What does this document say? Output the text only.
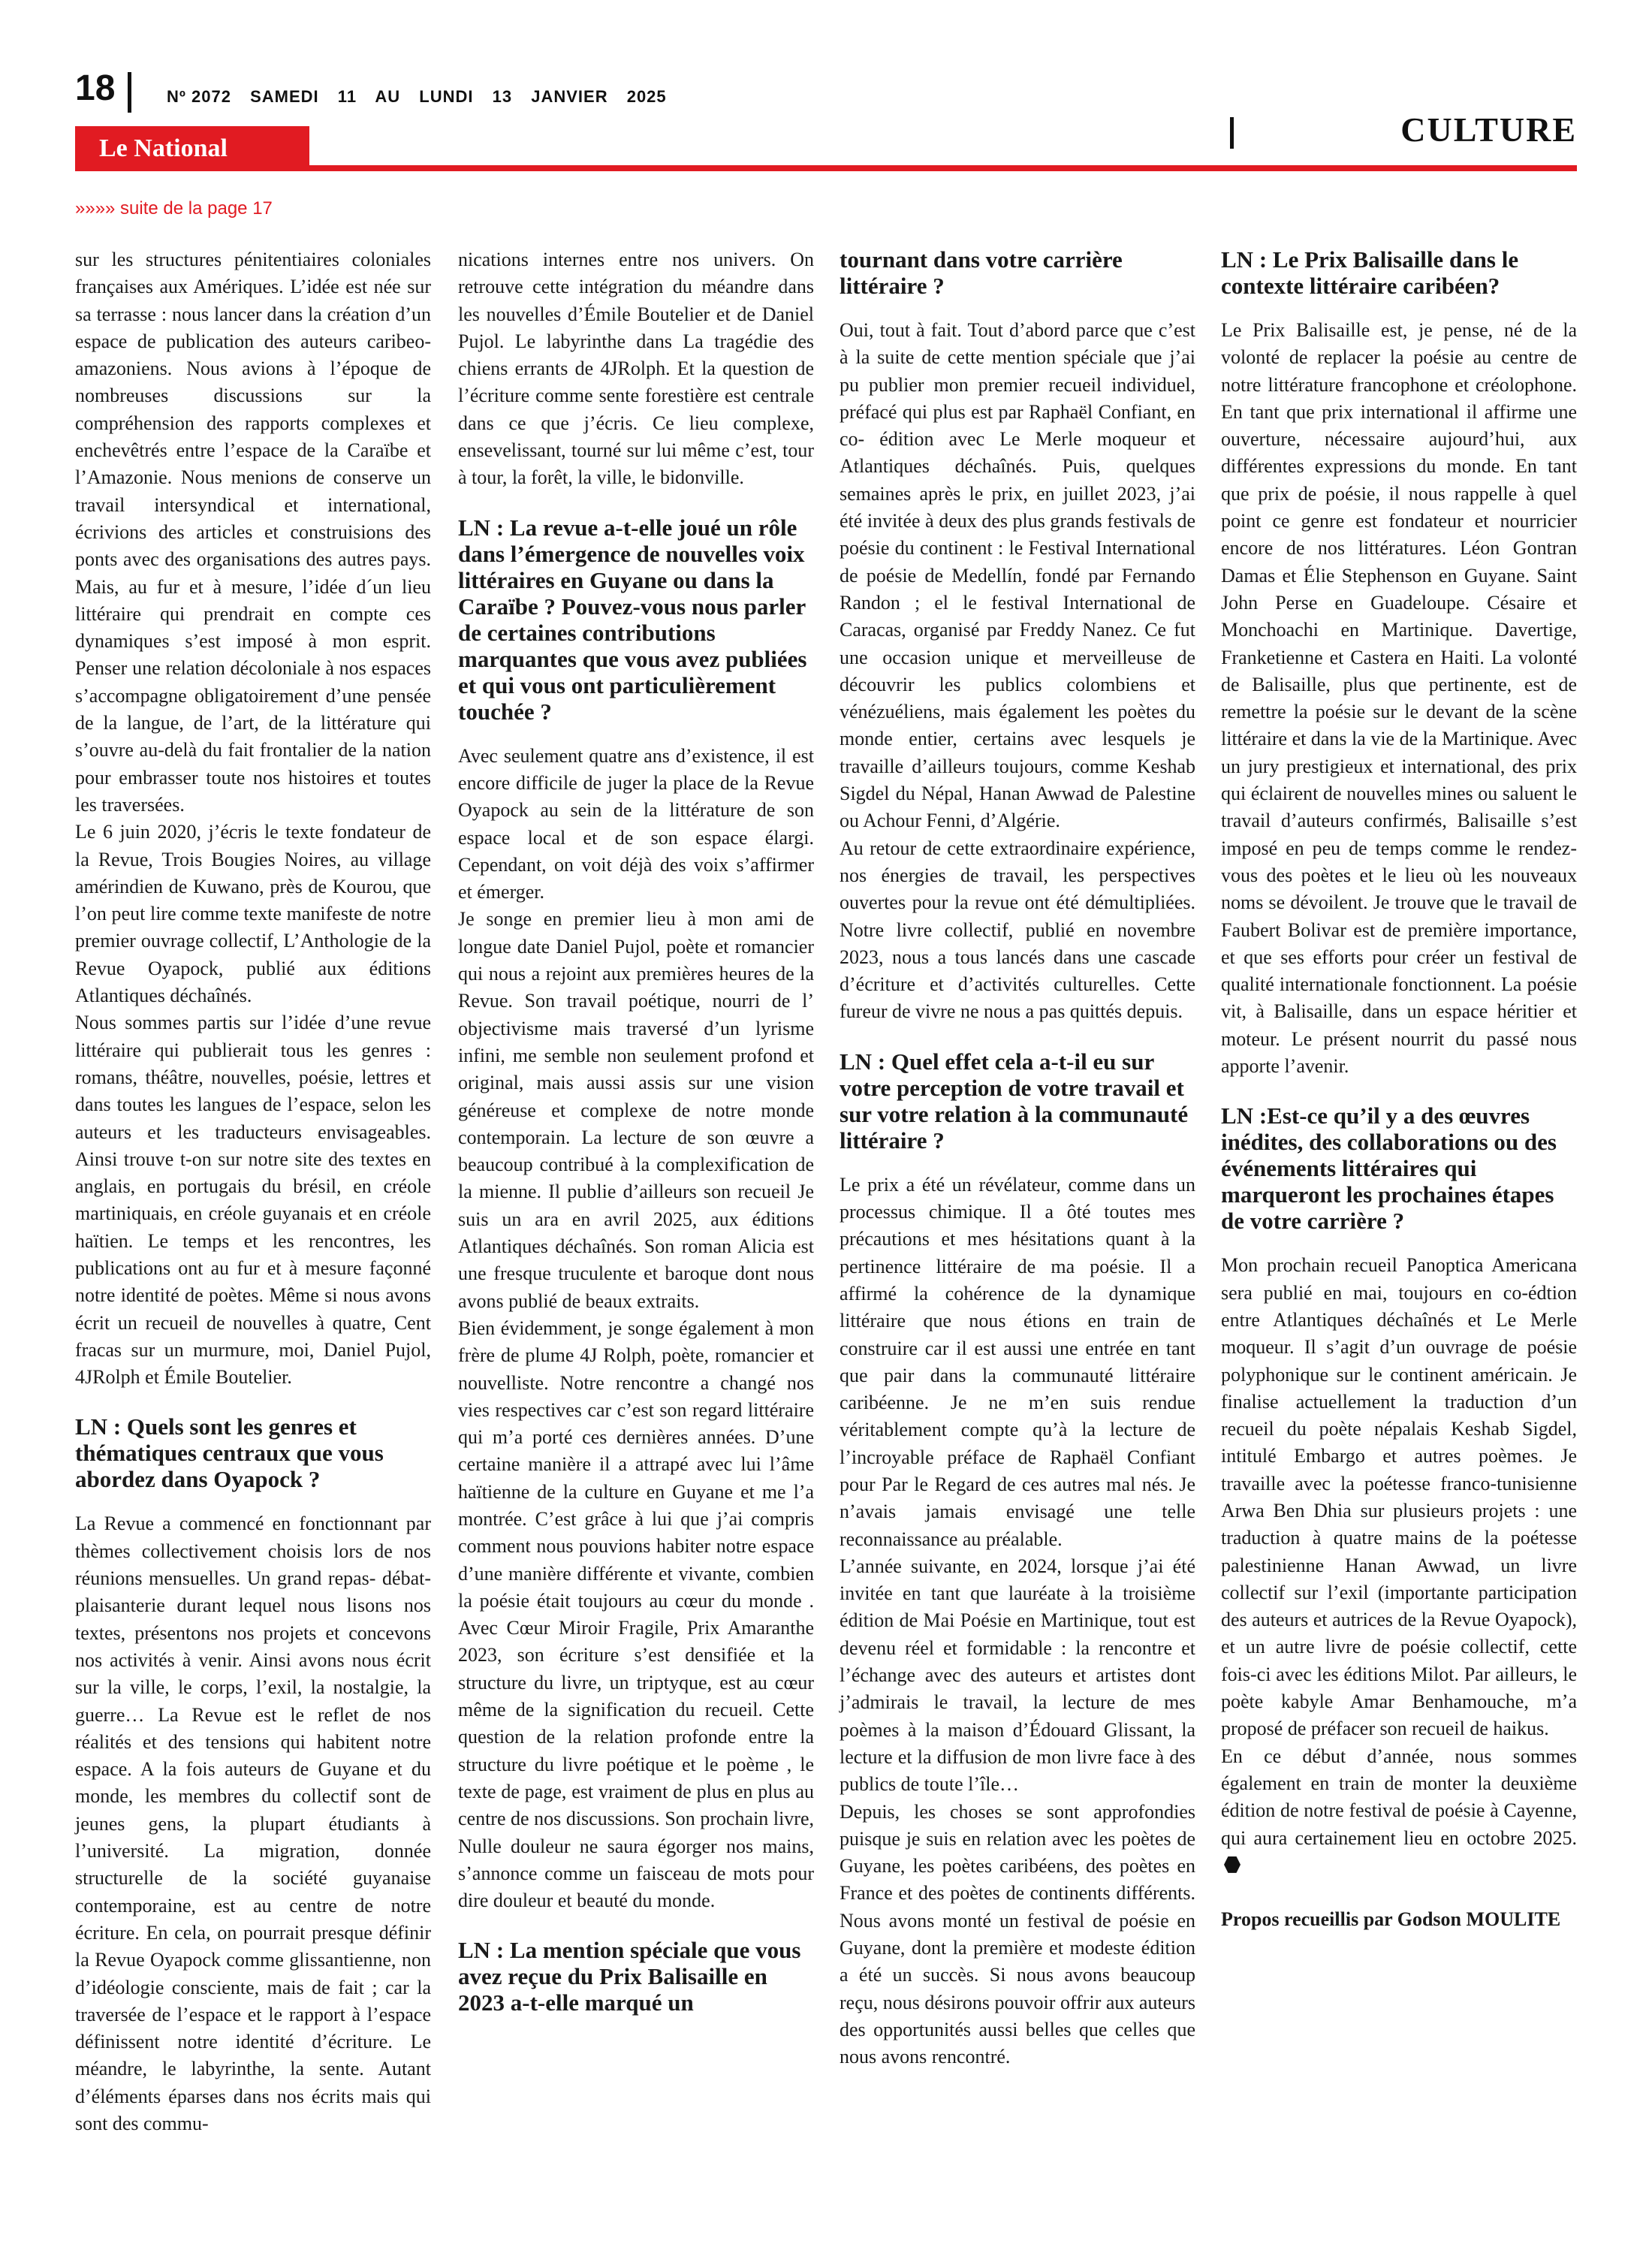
18	Nº 2072 SAMEDI 11 AU LUNDI 13 JANVIER 2025
Le National	CULTURE
»»»» suite de la page 17

sur les structures pénitentiaires coloniales françaises aux Amériques. L’idée est née sur sa terrasse : nous lancer dans la création d’un espace de publication des auteurs caribeo-amazoniens. Nous avions à l’époque de nombreuses discussions sur la compréhension des rapports complexes et enchevêtrés entre l’espace de la Caraïbe et l’Amazonie. Nous menions de conserve un travail intersyndical et international, écrivions des articles et construisions des ponts avec des organisations des autres pays. Mais, au fur et à mesure, l’idée d´un lieu littéraire qui prendrait en compte ces dynamiques s’est imposé à mon esprit. Penser une relation décoloniale à nos espaces s’accompagne obligatoirement d’une pensée de la langue, de l’art, de la littérature qui s’ouvre au-delà du fait frontalier de la nation pour embrasser toute nos histoires et toutes les traversées.

Le 6 juin 2020, j’écris le texte fondateur de la Revue, Trois Bougies Noires, au village amérindien de Kuwano, près de Kourou, que l’on peut lire comme texte manifeste de notre premier ouvrage collectif, L’Anthologie de la Revue Oyapock, publié aux éditions Atlantiques déchaînés.

Nous sommes partis sur l’idée d’une revue littéraire qui publierait tous les genres : romans, théâtre, nouvelles, poésie, lettres et dans toutes les langues de l’espace, selon les auteurs et les traducteurs envisageables. Ainsi trouve t-on sur notre site des textes en anglais, en portugais du brésil, en créole martiniquais, en créole guyanais et en créole haïtien. Le temps et les rencontres, les publications ont au fur et à mesure façonné notre identité de poètes. Même si nous avons écrit un recueil de nouvelles à quatre, Cent fracas sur un murmure, moi, Daniel Pujol, 4JRolph et Émile Boutelier.

LN : Quels sont les genres et thématiques centraux que vous abordez dans Oyapock ?

La Revue a commencé en fonctionnant par thèmes collectivement choisis lors de nos réunions mensuelles. Un grand repas- débat- plaisanterie durant lequel nous lisons nos textes, présentons nos projets et concevons nos activités à venir. Ainsi avons nous écrit sur la ville, le corps, l’exil, la nostalgie, la guerre… La Revue est le reflet de nos réalités et des tensions qui habitent notre espace. A la fois auteurs de Guyane et du monde, les membres du collectif sont de jeunes gens, la plupart étudiants à l’université. La migration, donnée structurelle de la société guyanaise contemporaine, est au centre de notre écriture. En cela, on pourrait presque définir la Revue Oyapock comme glissantienne, non d’idéologie consciente, mais de fait ; car la traversée de l’espace et le rapport à l’espace définissent notre identité d’écriture. Le méandre, le labyrinthe, la sente. Autant d’éléments éparses dans nos écrits mais qui sont des commu-

nications internes entre nos univers. On retrouve cette intégration du méandre dans les nouvelles d’Émile Boutelier et de Daniel Pujol. Le labyrinthe dans La tragédie des chiens errants de 4JRolph. Et la question de l’écriture comme sente forestière est centrale dans ce que j’écris. Ce lieu complexe, ensevelissant, tourné sur lui même c’est, tour à tour, la forêt, la ville, le bidonville.

LN : La revue a-t-elle joué un rôle dans l’émergence de nouvelles voix littéraires en Guyane ou dans la Caraïbe ? Pouvez-vous nous parler de certaines contributions marquantes que vous avez publiées et qui vous ont particulièrement touchée ?

Avec seulement quatre ans d’existence, il est encore difficile de juger la place de la Revue Oyapock au sein de la littérature de son espace local et de son espace élargi. Cependant, on voit déjà des voix s’affirmer et émerger.

Je songe en premier lieu à mon ami de longue date Daniel Pujol, poète et romancier qui nous a rejoint aux premières heures de la Revue. Son travail poétique, nourri de l’ objectivisme mais traversé d’un lyrisme infini, me semble non seulement profond et original, mais aussi assis sur une vision généreuse et complexe de notre monde contemporain. La lecture de son œuvre a beaucoup contribué à la complexification de la mienne. Il publie d’ailleurs son recueil Je suis un ara en avril 2025, aux éditions Atlantiques déchaînés. Son roman Alicia est une fresque truculente et baroque dont nous avons publié de beaux extraits.

Bien évidemment, je songe également à mon frère de plume 4J Rolph, poète, romancier et nouvelliste. Notre rencontre a changé nos vies respectives car c’est son regard littéraire qui m’a porté ces dernières années. D’une certaine manière il a attrapé avec lui l’âme haïtienne de la culture en Guyane et me l’a montrée. C’est grâce à lui que j’ai compris comment nous pouvions habiter notre espace d’une manière différente et vivante, combien la poésie était toujours au cœur du monde . Avec Cœur Miroir Fragile, Prix Amaranthe 2023, son écriture s’est densifiée et la structure du livre, un triptyque, est au cœur même de la signification du recueil. Cette question de la relation profonde entre la structure du livre poétique et le poème , le texte de page, est vraiment de plus en plus au centre de nos discussions. Son prochain livre, Nulle douleur ne saura égorger nos mains, s’annonce comme un faisceau de mots pour dire douleur et beauté du monde.

LN : La mention spéciale que vous avez reçue du Prix Balisaille en 2023 a-t-elle marqué un
tournant dans votre carrière littéraire ?

Oui, tout à fait. Tout d’abord parce que c’est à la suite de cette mention spéciale que j’ai pu publier mon premier recueil individuel, préfacé qui plus est par Raphaël Confiant, en co- édition avec Le Merle moqueur et Atlantiques déchaînés. Puis, quelques semaines après le prix, en juillet 2023, j’ai été invitée à deux des plus grands festivals de poésie du continent : le Festival International de poésie de Medellín, fondé par Fernando Randon ; el le festival International de Caracas, organisé par Freddy Nanez. Ce fut une occasion unique et merveilleuse de découvrir les publics colombiens et vénézuéliens, mais également les poètes du monde entier, certains avec lesquels je travaille d’ailleurs toujours, comme Keshab Sigdel du Népal, Hanan Awwad de Palestine ou Achour Fenni, d’Algérie.

Au retour de cette extraordinaire expérience, nos énergies de travail, les perspectives ouvertes pour la revue ont été démultipliées. Notre livre collectif, publié en novembre 2023, nous a tous lancés dans une cascade d’écriture et d’activités culturelles. Cette fureur de vivre ne nous a pas quittés depuis.

LN : Quel effet cela a-t-il eu sur votre perception de votre travail et sur votre relation à la communauté littéraire ?

Le prix a été un révélateur, comme dans un processus chimique. Il a ôté toutes mes précautions et mes hésitations quant à la pertinence littéraire de ma poésie. Il a affirmé la cohérence de la dynamique littéraire que nous étions en train de construire car il est aussi une entrée en tant que pair dans la communauté littéraire caribéenne. Je ne m’en suis rendue véritablement compte qu’à la lecture de l’incroyable préface de Raphaël Confiant pour Par le Regard de ces autres mal nés. Je n’avais jamais envisagé une telle reconnaissance au préalable.

L’année suivante, en 2024, lorsque j’ai été invitée en tant que lauréate à la troisième édition de Mai Poésie en Martinique, tout est devenu réel et formidable : la rencontre et l’échange avec des auteurs et artistes dont j’admirais le travail, la lecture de mes poèmes à la maison d’Édouard Glissant, la lecture et la diffusion de mon livre face à des publics de toute l’île…

Depuis, les choses se sont approfondies puisque je suis en relation avec les poètes de Guyane, les poètes caribéens, des poètes en France et des poètes de continents différents. Nous avons monté un festival de poésie en Guyane, dont la première et modeste édition a été un succès. Si nous avons beaucoup reçu, nous désirons pouvoir offrir aux auteurs des opportunités aussi belles que celles que nous avons rencontré.

LN : Le Prix Balisaille dans le contexte littéraire caribéen?

Le Prix Balisaille est, je pense, né de la volonté de replacer la poésie au centre de notre littérature francophone et créolophone. En tant que prix international il affirme une ouverture, nécessaire aujourd’hui, aux différentes expressions du monde. En tant que prix de poésie, il nous rappelle à quel point ce genre est fondateur et nourricier encore de nos littératures. Léon Gontran Damas et Élie Stephenson en Guyane. Saint John Perse en Guadeloupe. Césaire et Monchoachi en Martinique. Davertige, Franketienne et Castera en Haiti. La volonté de Balisaille, plus que pertinente, est de remettre la poésie sur le devant de la scène littéraire et dans la vie de la Martinique. Avec un jury prestigieux et international, des prix qui éclairent de nouvelles mines ou saluent le travail d’auteurs confirmés, Balisaille s’est imposé en peu de temps comme le rendez-vous des poètes et le lieu où les nouveaux noms se dévoilent. Je trouve que le travail de Faubert Bolivar est de première importance, et que ses efforts pour créer un festival de qualité internationale fonctionnent. La poésie vit, à Balisaille, dans un espace héritier et moteur. Le présent nourrit du passé nous apporte l’avenir.

LN :Est-ce qu’il y a des œuvres inédites, des collaborations ou des événements littéraires qui marqueront les prochaines étapes de votre carrière ?

Mon prochain recueil Panoptica Americana sera publié en mai, toujours en co-édtion entre Atlantiques déchaînés et Le Merle moqueur. Il s’agit d’un ouvrage de poésie polyphonique sur le continent américain. Je finalise actuellement la traduction d’un recueil du poète népalais Keshab Sigdel, intitulé Embargo et autres poèmes. Je travaille avec la poétesse franco-tunisienne Arwa Ben Dhia sur plusieurs projets : une traduction à quatre mains de la poétesse palestinienne Hanan Awwad, un livre collectif sur l’exil (importante participation des auteurs et autrices de la Revue Oyapock), et un autre livre de poésie collectif, cette fois-ci avec les éditions Milot. Par ailleurs, le poète kabyle Amar Benhamouche, m’a proposé de préfacer son recueil de haikus.

En ce début d’année, nous sommes également en train de monter la deuxième édition de notre festival de poésie à Cayenne, qui aura certainement lieu en octobre 2025.

Propos recueillis par Godson MOULITE
